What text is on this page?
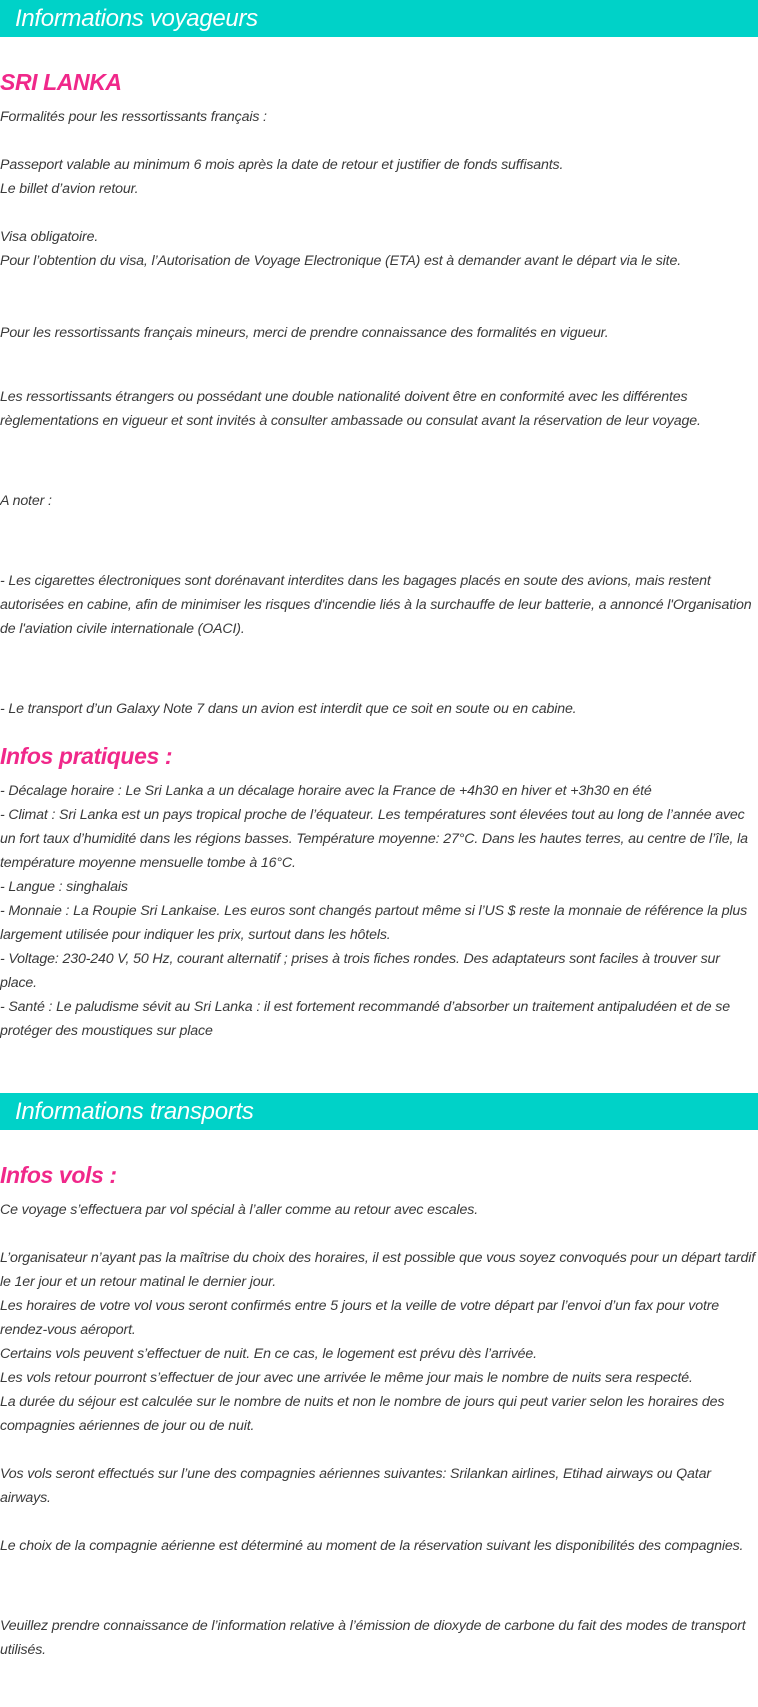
Informations voyageurs
SRI LANKA

Formalités pour les ressortissants français :

Passeport valable au minimum 6 mois après la date de retour et justifier de fonds suffisants.

Le billet d’avion retour.

Visa obligatoire.

Pour l’obtention du visa, l’Autorisation de Voyage Electronique (ETA) est à demander avant le départ via le site.

Pour les ressortissants français mineurs, merci de prendre connaissance des formalités en vigueur.

Les ressortissants étrangers ou possédant une double nationalité doivent être en conformité avec les différentes règlementations en vigueur et sont invités à consulter ambassade ou consulat avant la réservation de leur voyage.

A noter :

- Les cigarettes électroniques sont dorénavant interdites dans les bagages placés en soute des avions, mais restent autorisées en cabine, afin de minimiser les risques d'incendie liés à la surchauffe de leur batterie, a annoncé l'Organisation de l'aviation civile internationale (OACI).

- Le transport d’un Galaxy Note 7 dans un avion est interdit que ce soit en soute ou en cabine.

Infos pratiques :

- Décalage horaire : Le Sri Lanka a un décalage horaire avec la France de +4h30 en hiver et +3h30 en été

- Climat : Sri Lanka est un pays tropical proche de l’équateur. Les températures sont élevées tout au long de l’année avec un fort taux d’humidité dans les régions basses. Température moyenne: 27°C. Dans les hautes terres, au centre de l’île, la température moyenne mensuelle tombe à 16°C.

- Langue : singhalais

- Monnaie : La Roupie Sri Lankaise. Les euros sont changés partout même si l’US $ reste la monnaie de référence la plus largement utilisée pour indiquer les prix, surtout dans les hôtels.

- Voltage: 230-240 V, 50 Hz, courant alternatif ; prises à trois fiches rondes. Des adaptateurs sont faciles à trouver sur place.

- Santé : Le paludisme sévit au Sri Lanka : il est fortement recommandé d’absorber un traitement antipaludéen et de se protéger des moustiques sur place

Informations transports
Infos vols :

Ce voyage s’effectuera par vol spécial à l’aller comme au retour avec escales.

L’organisateur n’ayant pas la maîtrise du choix des horaires, il est possible que vous soyez convoqués pour un départ tardif le 1er jour et un retour matinal le dernier jour.

Les horaires de votre vol vous seront confirmés entre 5 jours et la veille de votre départ par l’envoi d’un fax pour votre rendez-vous aéroport.

Certains vols peuvent s’effectuer de nuit. En ce cas, le logement est prévu dès l’arrivée.

Les vols retour pourront s’effectuer de jour avec une arrivée le même jour mais le nombre de nuits sera respecté.

La durée du séjour est calculée sur le nombre de nuits et non le nombre de jours qui peut varier selon les horaires des compagnies aériennes de jour ou de nuit.

Vos vols seront effectués sur l’une des compagnies aériennes suivantes: Srilankan airlines, Etihad airways ou Qatar airways.

Le choix de la compagnie aérienne est déterminé au moment de la réservation suivant les disponibilités des compagnies.

Veuillez prendre connaissance de l’information relative à l’émission de dioxyde de carbone du fait des modes de transport utilisés.
